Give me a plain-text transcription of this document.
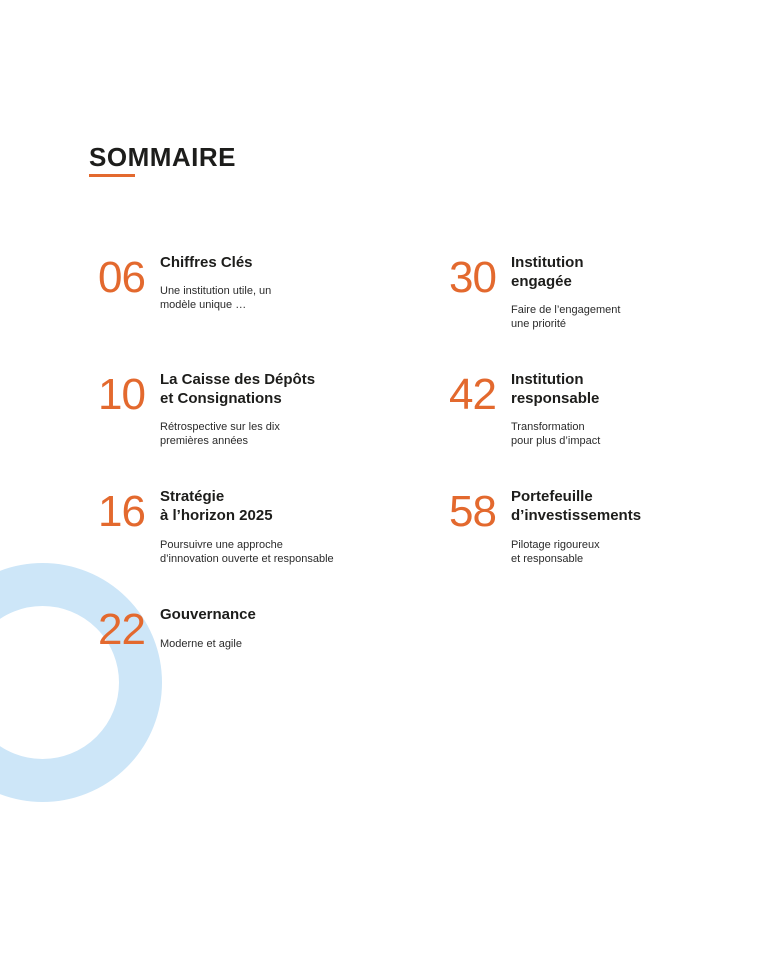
SOMMAIRE
06 Chiffres Clés
Une institution utile, un
modèle unique …
10 La Caisse des Dépôts
et Consignations
Rétrospective sur les dix
premières années
16 Stratégie
à l’horizon 2025
Poursuivre une approche
d’innovation ouverte et responsable
22 Gouvernance
Moderne et agile
30 Institution
engagée
Faire de l’engagement
une priorité
42 Institution
responsable
Transformation
pour plus d’impact
58 Portefeuille
d’investissements
Pilotage rigoureux
et responsable
